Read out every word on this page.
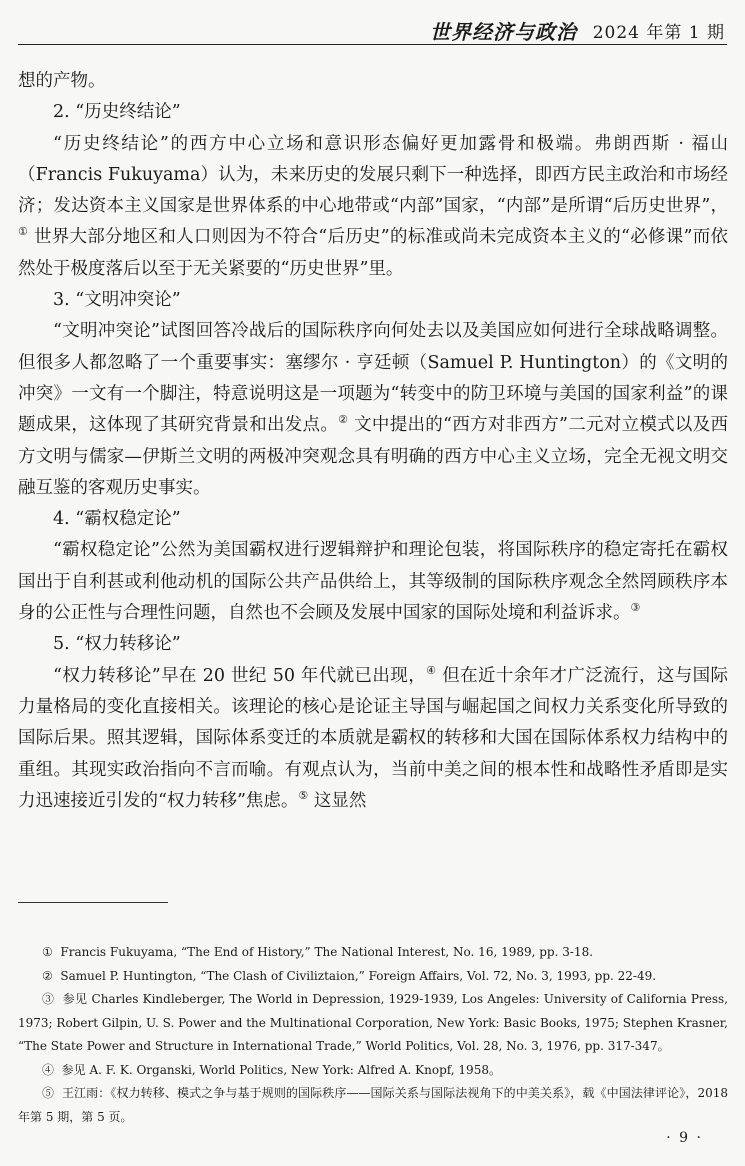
世界经济与政治 2024 年第 1 期

想的产物。

2. “历史终结论”

“历史终结论”的西方中心立场和意识形态偏好更加露骨和极端。弗朗西斯 · 福山（Francis Fukuyama）认为，未来历史的发展只剩下一种选择，即西方民主政治和市场经济；发达资本主义国家是世界体系的中心地带或“内部”国家，“内部”是所谓“后历史世界”，① 世界大部分地区和人口则因为不符合“后历史”的标准或尚未完成资本主义的“必修课”而依然处于极度落后以至于无关紧要的“历史世界”里。

3. “文明冲突论”

“文明冲突论”试图回答冷战后的国际秩序向何处去以及美国应如何进行全球战略调整。但很多人都忽略了一个重要事实：塞缪尔 · 亨廷顿（Samuel P. Huntington）的《文明的冲突》一文有一个脚注，特意说明这是一项题为“转变中的防卫环境与美国的国家利益”的课题成果，这体现了其研究背景和出发点。② 文中提出的“西方对非西方”二元对立模式以及西方文明与儒家—伊斯兰文明的两极冲突观念具有明确的西方中心主义立场，完全无视文明交融互鉴的客观历史事实。

4. “霸权稳定论”

“霸权稳定论”公然为美国霸权进行逻辑辩护和理论包装，将国际秩序的稳定寄托在霸权国出于自利甚或利他动机的国际公共产品供给上，其等级制的国际秩序观念全然罔顾秩序本身的公正性与合理性问题，自然也不会顾及发展中国家的国际处境和利益诉求。③

5. “权力转移论”

“权力转移论”早在 20 世纪 50 年代就已出现，④ 但在近十余年才广泛流行，这与国际力量格局的变化直接相关。该理论的核心是论证主导国与崛起国之间权力关系变化所导致的国际后果。照其逻辑，国际体系变迁的本质就是霸权的转移和大国在国际体系权力结构中的重组。其现实政治指向不言而喻。有观点认为，当前中美之间的根本性和战略性矛盾即是实力迅速接近引发的“权力转移”焦虑。⑤ 这显然

① Francis Fukuyama, “The End of History,” The National Interest, No. 16, 1989, pp. 3-18.

② Samuel P. Huntington, “The Clash of Civiliztaion,” Foreign Affairs, Vol. 72, No. 3, 1993, pp. 22-49.

③ 参见 Charles Kindleberger, The World in Depression, 1929-1939, Los Angeles: University of California Press, 1973; Robert Gilpin, U. S. Power and the Multinational Corporation, New York: Basic Books, 1975; Stephen Krasner, “The State Power and Structure in International Trade,” World Politics, Vol. 28, No. 3, 1976, pp. 317-347。

④ 参见 A. F. K. Organski, World Politics, New York: Alfred A. Knopf, 1958。

⑤ 王江雨：《权力转移、模式之争与基于规则的国际秩序——国际关系与国际法视角下的中美关系》，载《中国法律评论》，2018 年第 5 期，第 5 页。

· 9 ·
